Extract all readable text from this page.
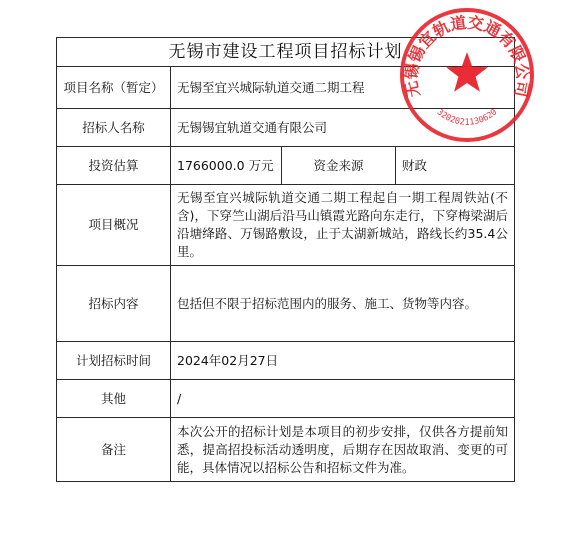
无锡市建设工程项目招标计划			
项目名称（暂定）	无锡至宜兴城际轨道交通二期工程		
招标人名称	无锡锡宜轨道交通有限公司		
投资估算	1766000.0 万元	资金来源	财政
项目概况	无锡至宜兴城际轨道交通二期工程起自一期工程周铁站(不含)，下穿竺山湖后沿马山镇霞光路向东走行，下穿梅梁湖后沿塘绛路、万锡路敷设，止于太湖新城站，路线长约35.4公里。		
招标内容	包括但不限于招标范围内的服务、施工、货物等内容。		
计划招标时间	2024年02月27日		
其他	/		
备注	本次公开的招标计划是本项目的初步安排，仅供各方提前知悉，提高招投标活动透明度，后期存在因故取消、变更的可能，具体情况以招标公告和招标文件为准。		
无锡锡宜轨道交通有限公司
3202021130620
